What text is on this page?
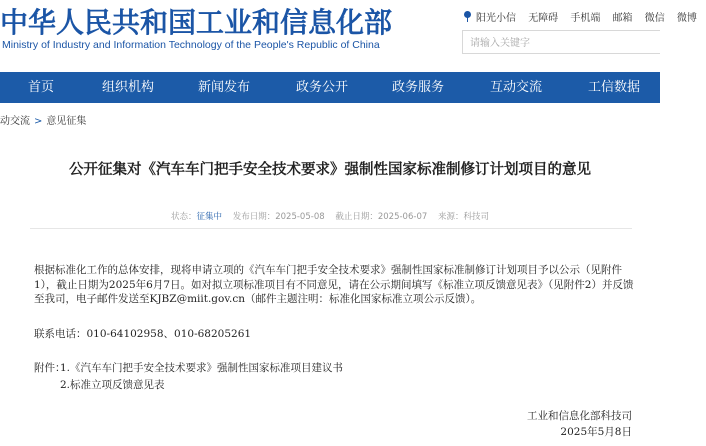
中华人民共和国工业和信息化部
Ministry of Industry and Information Technology of the People's Republic of China
阳光小信 无障碍 手机端 邮箱 微信 微博
请输入关键字
首页	组织机构	新闻发布	政务公开	政务服务	互动交流	工信数据
动交流 > 意见征集
公开征集对《汽车车门把手安全技术要求》强制性国家标准制修订计划项目的意见
状态：征集中 发布日期：2025-05-08 截止日期：2025-06-07 来源：科技司
根据标准化工作的总体安排，现将申请立项的《汽车车门把手安全技术要求》强制性国家标准制修订计划项目予以公示（见附件1），截止日期为2025年6月7日。如对拟立项标准项目有不同意见，请在公示期间填写《标准立项反馈意见表》（见附件2）并反馈至我司，电子邮件发送至KJBZ@miit.gov.cn（邮件主题注明：标准化国家标准立项公示反馈）。
联系电话：010-64102958、010-68205261
附件：
1.《汽车车门把手安全技术要求》强制性国家标准项目建议书
2.标准立项反馈意见表
工业和信息化部科技司
2025年5月8日
